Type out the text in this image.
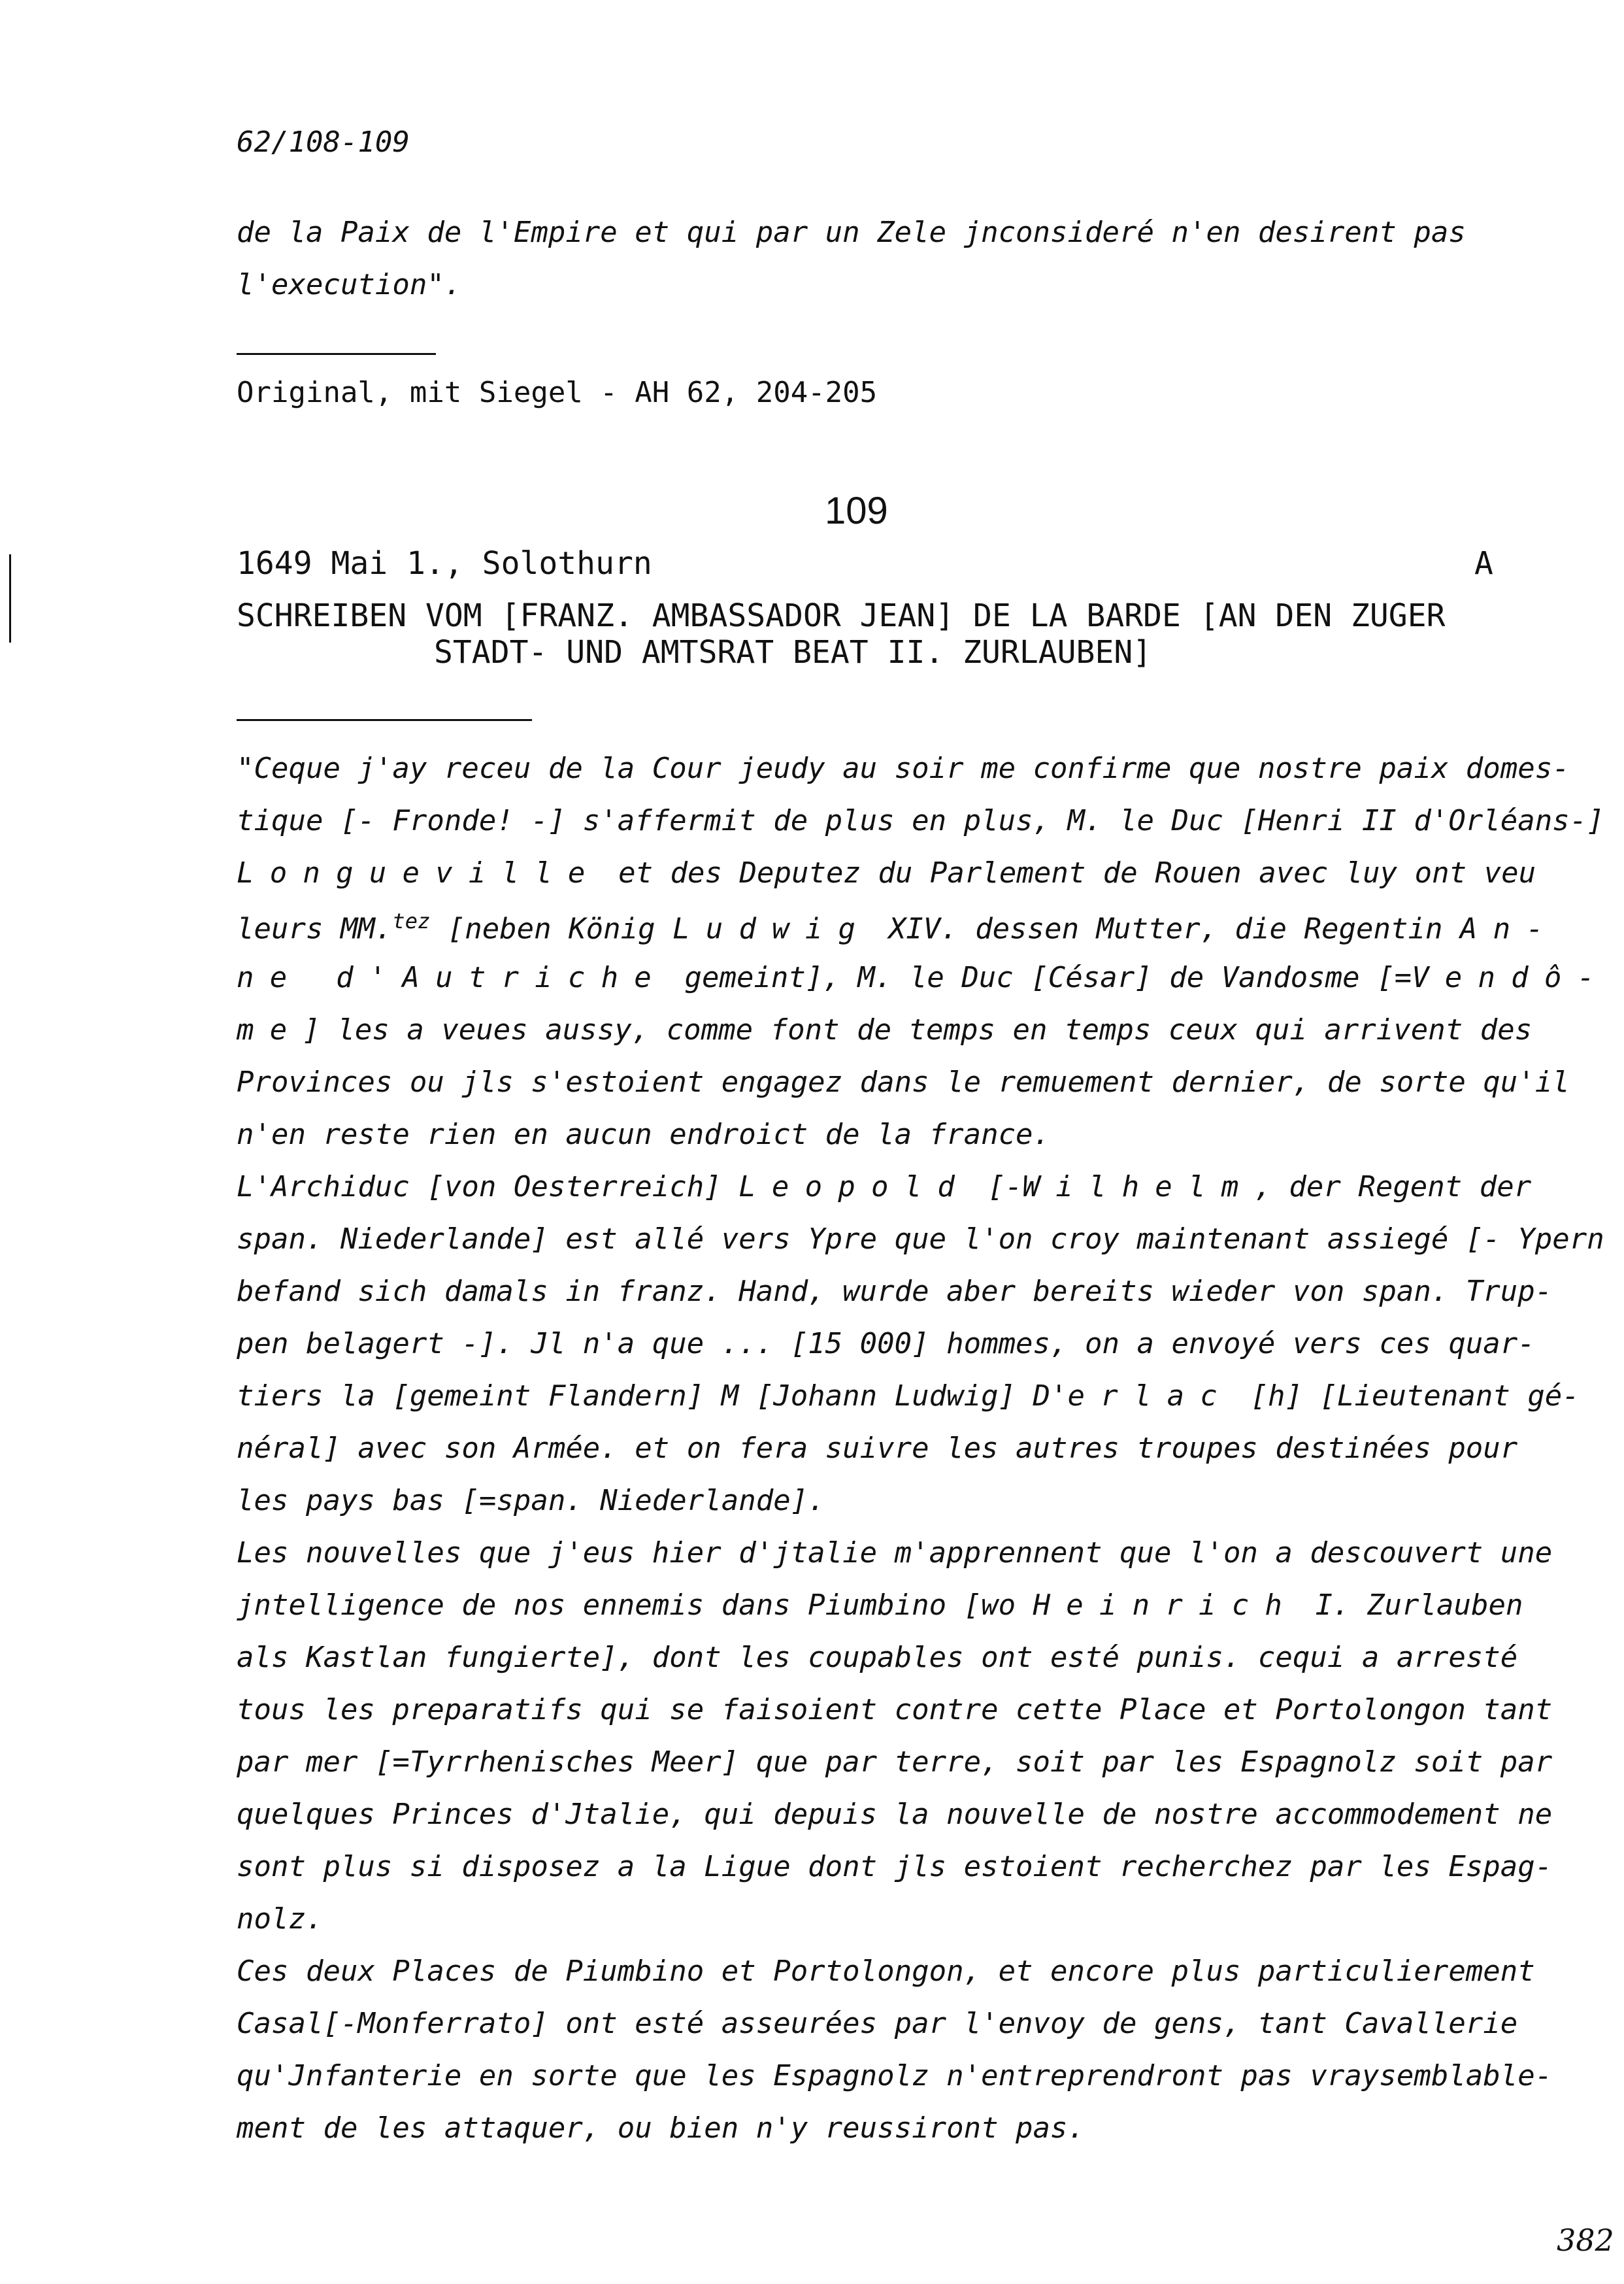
62/108-109
de la Paix de l'Empire et qui par un Zele jnconsideré n'en desirent pas
l'execution".
Original, mit Siegel - AH 62, 204-205
109
1649 Mai 1., Solothurn	A
SCHREIBEN VOM [FRANZ. AMBASSADOR JEAN] DE LA BARDE [AN DEN ZUGER
STADT- UND AMTSRAT BEAT II. ZURLAUBEN]
"Ceque j'ay receu de la Cour jeudy au soir me confirme que nostre paix domes-
tique [- Fronde! -] s'affermit de plus en plus, M. le Duc [Henri II d'Orléans-]
Longueville et des Deputez du Parlement de Rouen avec luy ont veu
leurs MM.$^{tez}$ [neben König Ludwig XIV. dessen Mutter, die Regentin An-
ne d'Autriche gemeint], M. le Duc [César] de Vandosme [=Vendô-
me] les a veues aussy, comme font de temps en temps ceux qui arrivent des
Provinces ou jls s'estoient engagez dans le remuement dernier, de sorte qu'il
n'en reste rien en aucun endroict de la france.
L'Archiduc [von Oesterreich] Leopold [-Wilhelm, der Regent der
span. Niederlande] est allé vers Ypre que l'on croy maintenant assiegé [- Ypern
befand sich damals in franz. Hand, wurde aber bereits wieder von span. Trup-
pen belagert -]. Jl n'a que ... [15 000] hommes, on a envoyé vers ces quar-
tiers la [gemeint Flandern] M [Johann Ludwig] D'erlac [h] [Lieutenant gé-
néral] avec son Armée. et on fera suivre les autres troupes destinées pour
les pays bas [=span. Niederlande].
Les nouvelles que j'eus hier d'jtalie m'apprennent que l'on a descouvert une
jntelligence de nos ennemis dans Piumbino [wo Heinrich I. Zurlauben
als Kastlan fungierte], dont les coupables ont esté punis. cequi a arresté
tous les preparatifs qui se faisoient contre cette Place et Portolongon tant
par mer [=Tyrrhenisches Meer] que par terre, soit par les Espagnolz soit par
quelques Princes d'Jtalie, qui depuis la nouvelle de nostre accommodement ne
sont plus si disposez a la Ligue dont jls estoient recherchez par les Espag-
nolz.
Ces deux Places de Piumbino et Portolongon, et encore plus particulierement
Casal[-Monferrato] ont esté asseurées par l'envoy de gens, tant Cavallerie
qu'Jnfanterie en sorte que les Espagnolz n'entreprendront pas vraysemblable-
ment de les attaquer, ou bien n'y reussiront pas.
382
